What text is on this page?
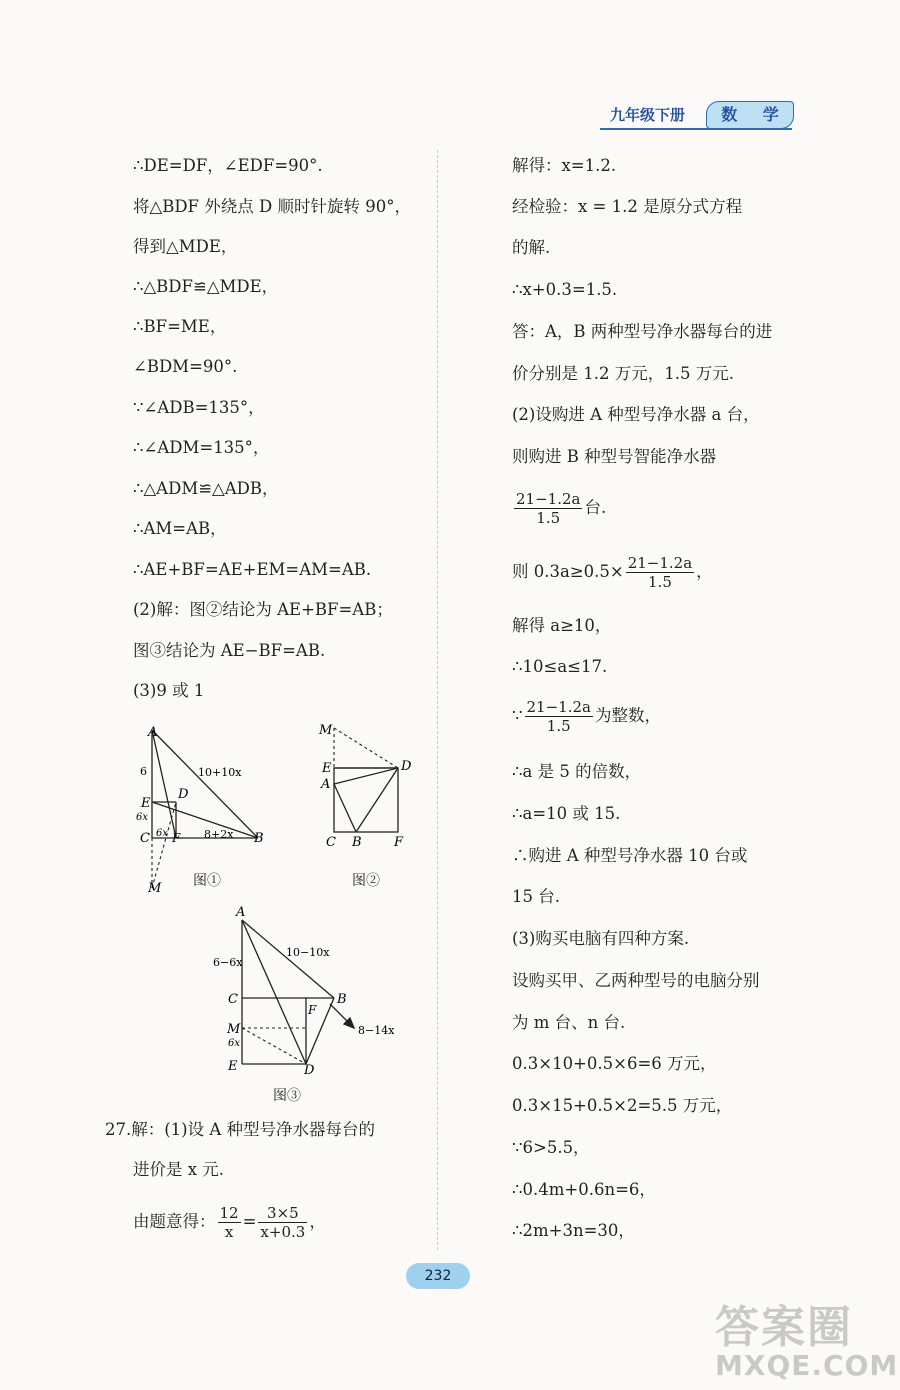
九年级下册	数 学
∴DE=DF，∠EDF=90°.
将△BDF 外绕点 D 顺时针旋转 90°，
得到△MDE，
∴△BDF≌△MDE，
∴BF=ME，
∠BDM=90°.
∵∠ADB=135°，
∴∠ADM=135°，
∴△ADM≌△ADB，
∴AM=AB，
∴AE+BF=AE+EM=AM=AB.
(2)解：图②结论为 AE+BF=AB；
图③结论为 AE−BF=AB.
(3)9 或 1
A
E
C
D
F	B
M
6
6x
6x
10+10x
8+2x
图①
M
E
A
D
C B F
图②
A
C
M
E
B
F
D
6−6x
10−10x
6x
8−14x
图③
27.解：(1)设 A 种型号净水器每台的
进价是 x 元.
由题意得： $\frac{12}{x} = \frac{3\times 5}{x+0.3}$ ，
解得：x=1.2.
经检验：x = 1.2 是原分式方程
的解.
∴x+0.3=1.5.
答：A，B 两种型号净水器每台的进
价分别是 1.2 万元，1.5 万元.
(2)设购进 A 种型号净水器 a 台，
则购进 B 种型号智能净水器
$\frac{21-1.2a}{1.5}$ 台.
则 $0.3a\ge 0.5\times \frac{21-1.2a}{1.5}$ ，
解得 a≥10，
∴10≤a≤17.
∵ $\frac{21-1.2a}{1.5}$ 为整数，
∴a 是 5 的倍数，
∴a=10 或 15.
∴购进 A 种型号净水器 10 台或
15 台.
(3)购买电脑有四种方案.
设购买甲、乙两种型号的电脑分别
为 m 台、n 台.
0.3×10+0.5×6=6 万元，
0.3×15+0.5×2=5.5 万元，
∵6>5.5，
∴0.4m+0.6n=6，
∴2m+3n=30，
232
答案圈
MXQE.COM
